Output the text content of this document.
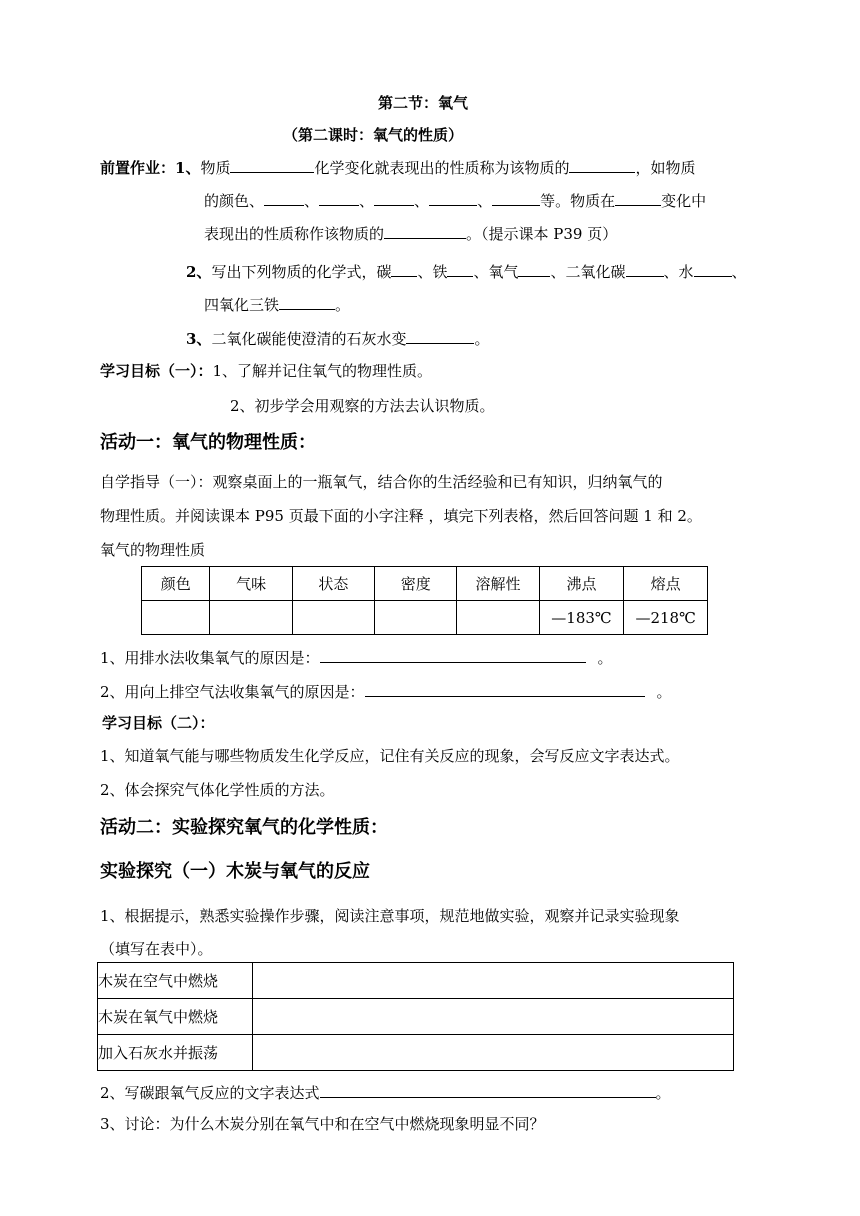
第二节：氧气
（第二课时：氧气的性质）
前置作业：1、物质	化学变化就表现出的性质称为该物质的	，如物质
的颜色、	、	、	、	、	等。物质在	变化中
表现出的性质称作该物质的	。（提示课本 P39 页）
2、写出下列物质的化学式，碳 、铁 、氧气 、二氧化碳	、水	、
四氧化三铁	。
3、二氧化碳能使澄清的石灰水变	。
学习目标（一）：1、了解并记住氧气的物理性质。
2、初步学会用观察的方法去认识物质。
活动一：氧气的物理性质：
自学指导（一）：观察桌面上的一瓶氧气，结合你的生活经验和已有知识，归纳氧气的
物理性质。并阅读课本 P95 页最下面的小字注释 ，填完下列表格，然后回答问题 1 和 2。
氧气的物理性质
颜色	气味	状态	密度	溶解性	沸点	熔点
					—183℃	—218℃
1、用排水法收集氧气的原因是：	。
2、用向上排空气法收集氧气的原因是：	。
学习目标（二）：
1、知道氧气能与哪些物质发生化学反应，记住有关反应的现象，会写反应文字表达式。
2、体会探究气体化学性质的方法。
活动二：实验探究氧气的化学性质：
实验探究（一）木炭与氧气的反应
1、根据提示，熟悉实验操作步骤，阅读注意事项，规范地做实验，观察并记录实验现象
（填写在表中）。
木炭在空气中燃烧	
木炭在氧气中燃烧	
加入石灰水并振荡	
2、写碳跟氧气反应的文字表达式	。
3、讨论：为什么木炭分别在氧气中和在空气中燃烧现象明显不同？
